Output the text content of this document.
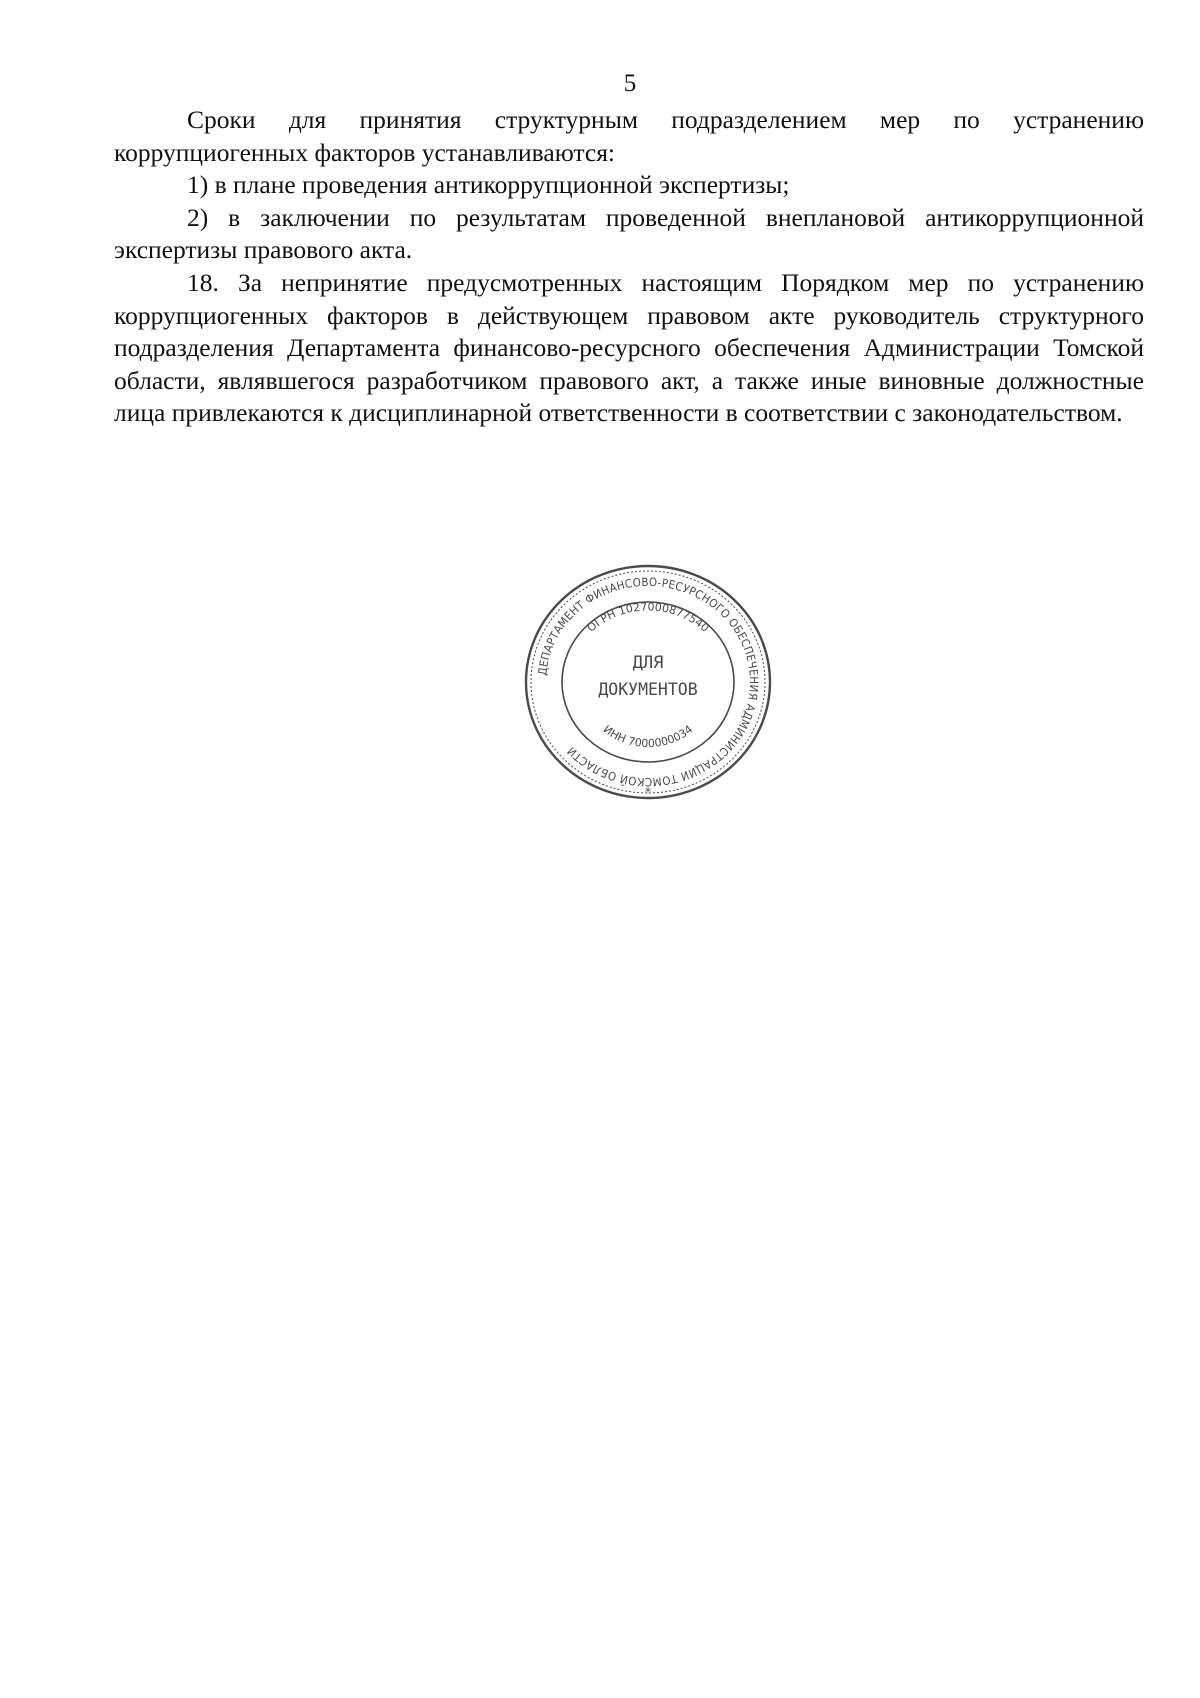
5

Сроки для принятия структурным подразделением мер по устранению коррупциогенных факторов устанавливаются:

1) в плане проведения антикоррупционной экспертизы;

2) в заключении по результатам проведенной внеплановой антикоррупционной экспертизы правового акта.

18. За непринятие предусмотренных настоящим Порядком мер по устранению коррупциогенных факторов в действующем правовом акте руководитель структурного подразделения Департамента финансово-ресурсного обеспечения Администрации Томской области, являвшегося разработчиком правового акт, а также иные виновные должностные лица привлекаются к дисциплинарной ответственности в соответствии с законодательством.

ДЕПАРТАМЕНТ ФИНАНСОВО-РЕСУРСНОГО ОБЕСПЕЧЕНИЯ АДМИНИСТРАЦИИ ТОМСКОЙ ОБЛАСТИ
ОГРН 1027000877540
ИНН 7000000034
ДЛЯ
ДОКУМЕНТОВ
*
